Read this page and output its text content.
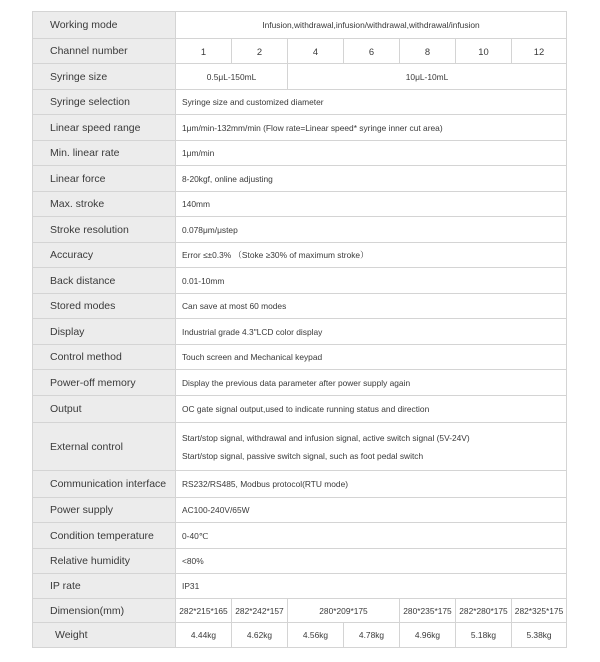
Working mode	Infusion,withdrawal,infusion/withdrawal,withdrawal/infusion						
Channel number	1	2	4	6	8	10	12
Syringe size	0.5μL-150mL		10μL-10mL				
Syringe selection	Syringe size and customized diameter						
Linear speed range	1μm/min-132mm/min (Flow rate=Linear speed* syringe inner cut area)						
Min. linear rate	1μm/min						
Linear force	8-20kgf, online adjusting						
Max. stroke	140mm						
Stroke resolution	0.078μm/μstep						
Accuracy	Error ≤±0.3% （Stoke ≥30% of maximum stroke）						
Back distance	0.01-10mm						
Stored modes	Can save at most 60 modes						
Display	Industrial grade 4.3"LCD color display						
Control method	Touch screen and Mechanical keypad						
Power-off memory	Display the previous data parameter after power supply again						
Output	OC gate signal output,used to indicate running status and direction						
External control	Start/stop signal, withdrawal and infusion signal, active switch signal (5V-24V)
Start/stop signal, passive switch signal, such as foot pedal switch						

Communication interface	RS232/RS485, Modbus protocol(RTU mode)						
Power supply	AC100-240V/65W						
Condition temperature	0-40℃						
Relative humidity	<80%						
IP rate	IP31						
Dimension(mm)	282*215*165	282*242*157	280*209*175		280*235*175	282*280*175	282*325*175
Weight	4.44kg	4.62kg	4.56kg	4.78kg	4.96kg	5.18kg	5.38kg
